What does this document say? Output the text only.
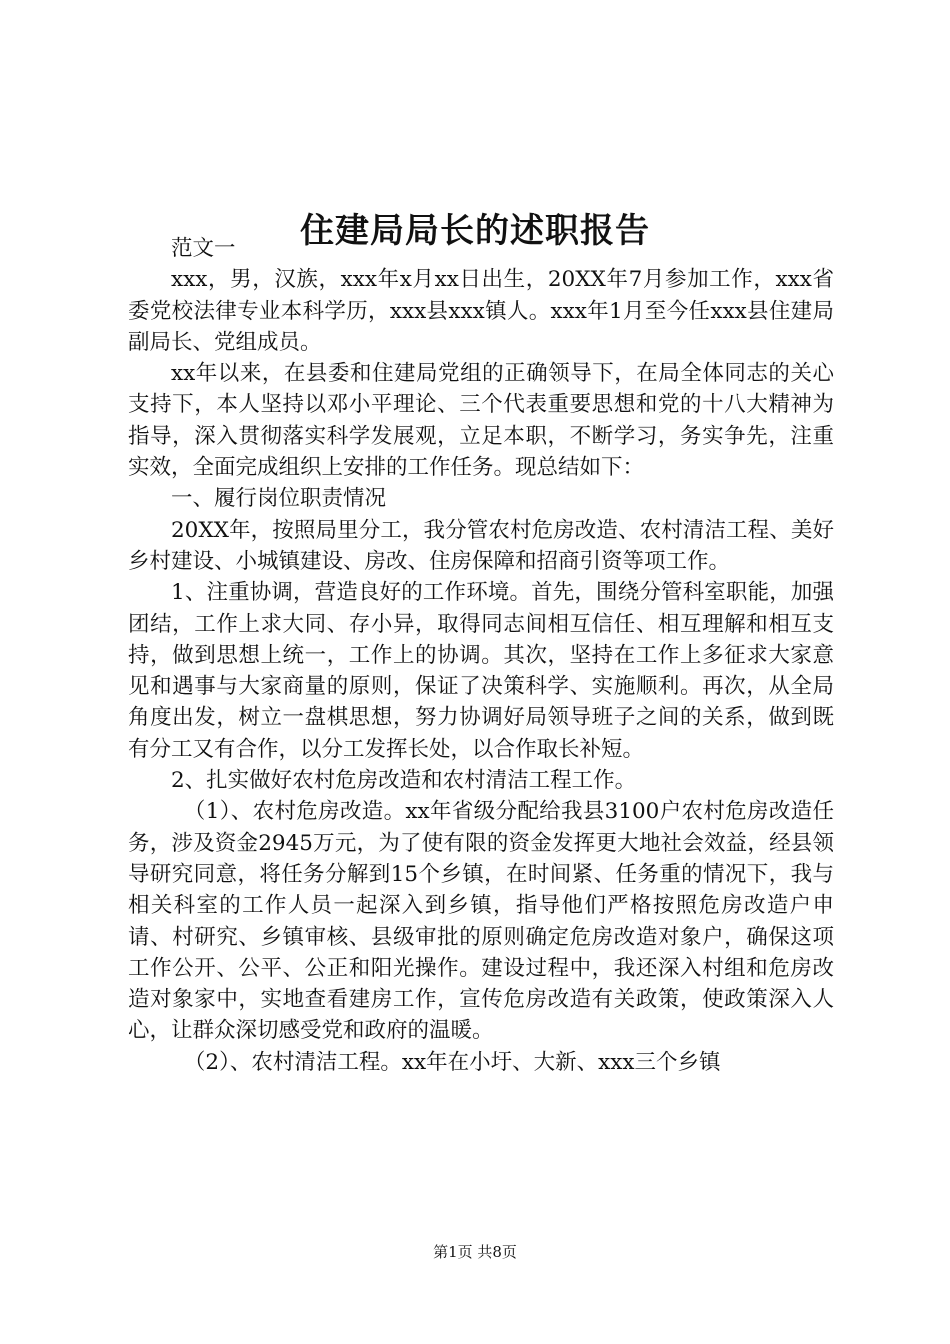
住建局局长的述职报告

范文一

xxx，男，汉族，xxx年x月xx日出生，20XX年7月参加工作，xxx省委党校法律专业本科学历，xxx县xxx镇人。xxx年1月至今任xxx县住建局副局长、党组成员。

xx年以来，在县委和住建局党组的正确领导下，在局全体同志的关心支持下，本人坚持以邓小平理论、三个代表重要思想和党的十八大精神为指导，深入贯彻落实科学发展观，立足本职，不断学习，务实争先，注重实效，全面完成组织上安排的工作任务。现总结如下：

一、履行岗位职责情况

20XX年，按照局里分工，我分管农村危房改造、农村清洁工程、美好乡村建设、小城镇建设、房改、住房保障和招商引资等项工作。

1、注重协调，营造良好的工作环境。首先，围绕分管科室职能，加强团结，工作上求大同、存小异，取得同志间相互信任、相互理解和相互支持，做到思想上统一，工作上的协调。其次，坚持在工作上多征求大家意见和遇事与大家商量的原则，保证了决策科学、实施顺利。再次，从全局角度出发，树立一盘棋思想，努力协调好局领导班子之间的关系，做到既有分工又有合作，以分工发挥长处，以合作取长补短。

2、扎实做好农村危房改造和农村清洁工程工作。

（1）、农村危房改造。xx年省级分配给我县3100户农村危房改造任务，涉及资金2945万元，为了使有限的资金发挥更大地社会效益，经县领导研究同意，将任务分解到15个乡镇，在时间紧、任务重的情况下，我与相关科室的工作人员一起深入到乡镇，指导他们严格按照危房改造户申请、村研究、乡镇审核、县级审批的原则确定危房改造对象户，确保这项工作公开、公平、公正和阳光操作。建设过程中，我还深入村组和危房改造对象家中，实地查看建房工作，宣传危房改造有关政策，使政策深入人心，让群众深切感受党和政府的温暖。

（2）、农村清洁工程。xx年在小圩、大新、xxx三个乡镇

第1页 共8页
